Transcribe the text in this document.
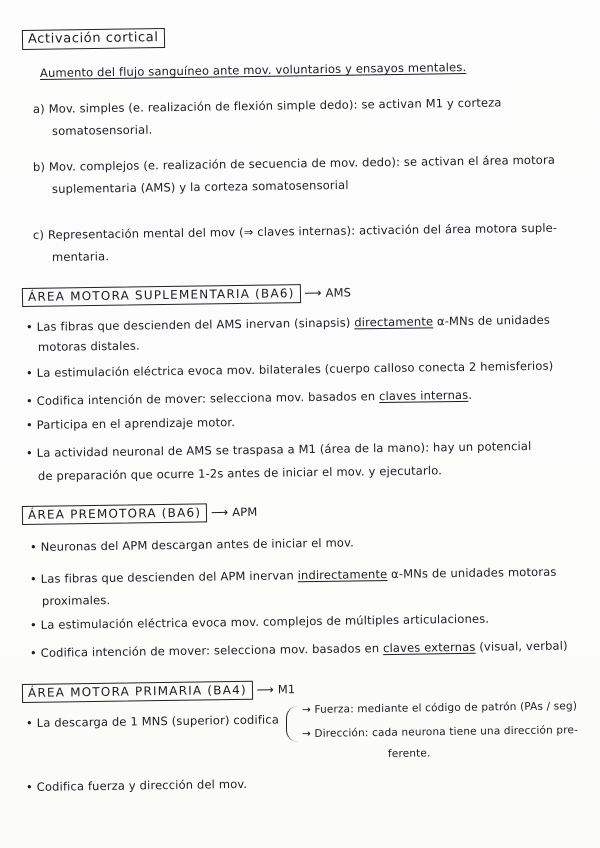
Activación cortical
Aumento del flujo sanguíneo ante mov. voluntarios y ensayos mentales.
a) Mov. simples (e. realización de flexión simple dedo): se activan M1 y corteza
somatosensorial.
b) Mov. complejos (e. realización de secuencia de mov. dedo): se activan el área motora
suplementaria (AMS) y la corteza somatosensorial
c) Representación mental del mov (⇒ claves internas): activación del área motora suple-
mentaria.
ÁREA MOTORA SUPLEMENTARIA (BA6) ⟶ AMS
• Las fibras que descienden del AMS inervan (sinapsis) directamente α-MNs de unidades
motoras distales.
• La estimulación eléctrica evoca mov. bilaterales (cuerpo calloso conecta 2 hemisferios)
• Codifica intención de mover: selecciona mov. basados en claves internas.
• Participa en el aprendizaje motor.
• La actividad neuronal de AMS se traspasa a M1 (área de la mano): hay un potencial
de preparación que ocurre 1-2s antes de iniciar el mov. y ejecutarlo.
ÁREA PREMOTORA (BA6) ⟶ APM
• Neuronas del APM descargan antes de iniciar el mov.
• Las fibras que descienden del APM inervan indirectamente α-MNs de unidades motoras
proximales.
• La estimulación eléctrica evoca mov. complejos de múltiples articulaciones.
• Codifica intención de mover: selecciona mov. basados en claves externas (visual, verbal)
ÁREA MOTORA PRIMARIA (BA4) ⟶ M1
• La descarga de 1 MNS (superior) codifica
→ Fuerza: mediante el código de patrón (PAs / seg)
→ Dirección: cada neurona tiene una dirección pre-
ferente.
• Codifica fuerza y dirección del mov.
